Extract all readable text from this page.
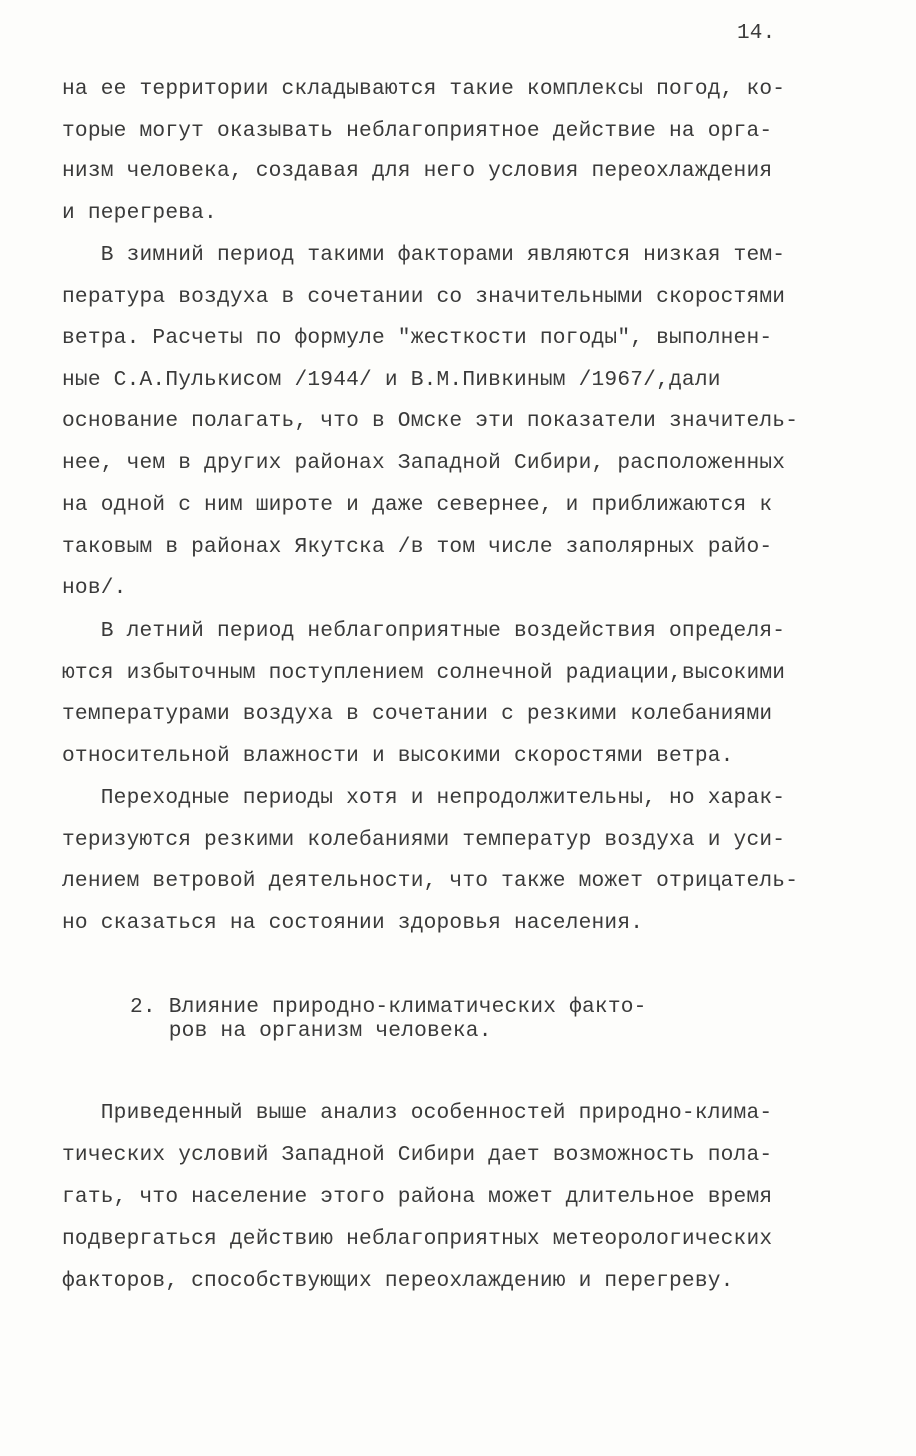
14.
на ее территории складываются такие комплексы погод, ко-
торые могут оказывать неблагоприятное действие на орга-
низм человека, создавая для него условия переохлаждения
и перегрева.
В зимний период такими факторами являются низкая тем-
пература воздуха в сочетании со значительными скоростями
ветра. Расчеты по формуле "жесткости погоды", выполнен-
ные С.А.Пулькисом /1944/ и В.М.Пивкиным /1967/,дали
основание полагать, что в Омске эти показатели значитель-
нее, чем в других районах Западной Сибири, расположенных
на одной с ним широте и даже севернее, и приближаются к
таковым в районах Якутска /в том числе заполярных райо-
нов/.
В летний период неблагоприятные воздействия определя-
ются избыточным поступлением солнечной радиации,высокими
температурами воздуха в сочетании с резкими колебаниями
относительной влажности и высокими скоростями ветра.
Переходные периоды хотя и непродолжительны, но харак-
теризуются резкими колебаниями температур воздуха и уси-
лением ветровой деятельности, что также может отрицатель-
но сказаться на состоянии здоровья населения.
2. Влияние природно-климатических факто-
ров на организм человека.
Приведенный выше анализ особенностей природно-клима-
тических условий Западной Сибири дает возможность пола-
гать, что население этого района может длительное время
подвергаться действию неблагоприятных метеорологических
факторов, способствующих переохлаждению и перегреву.
